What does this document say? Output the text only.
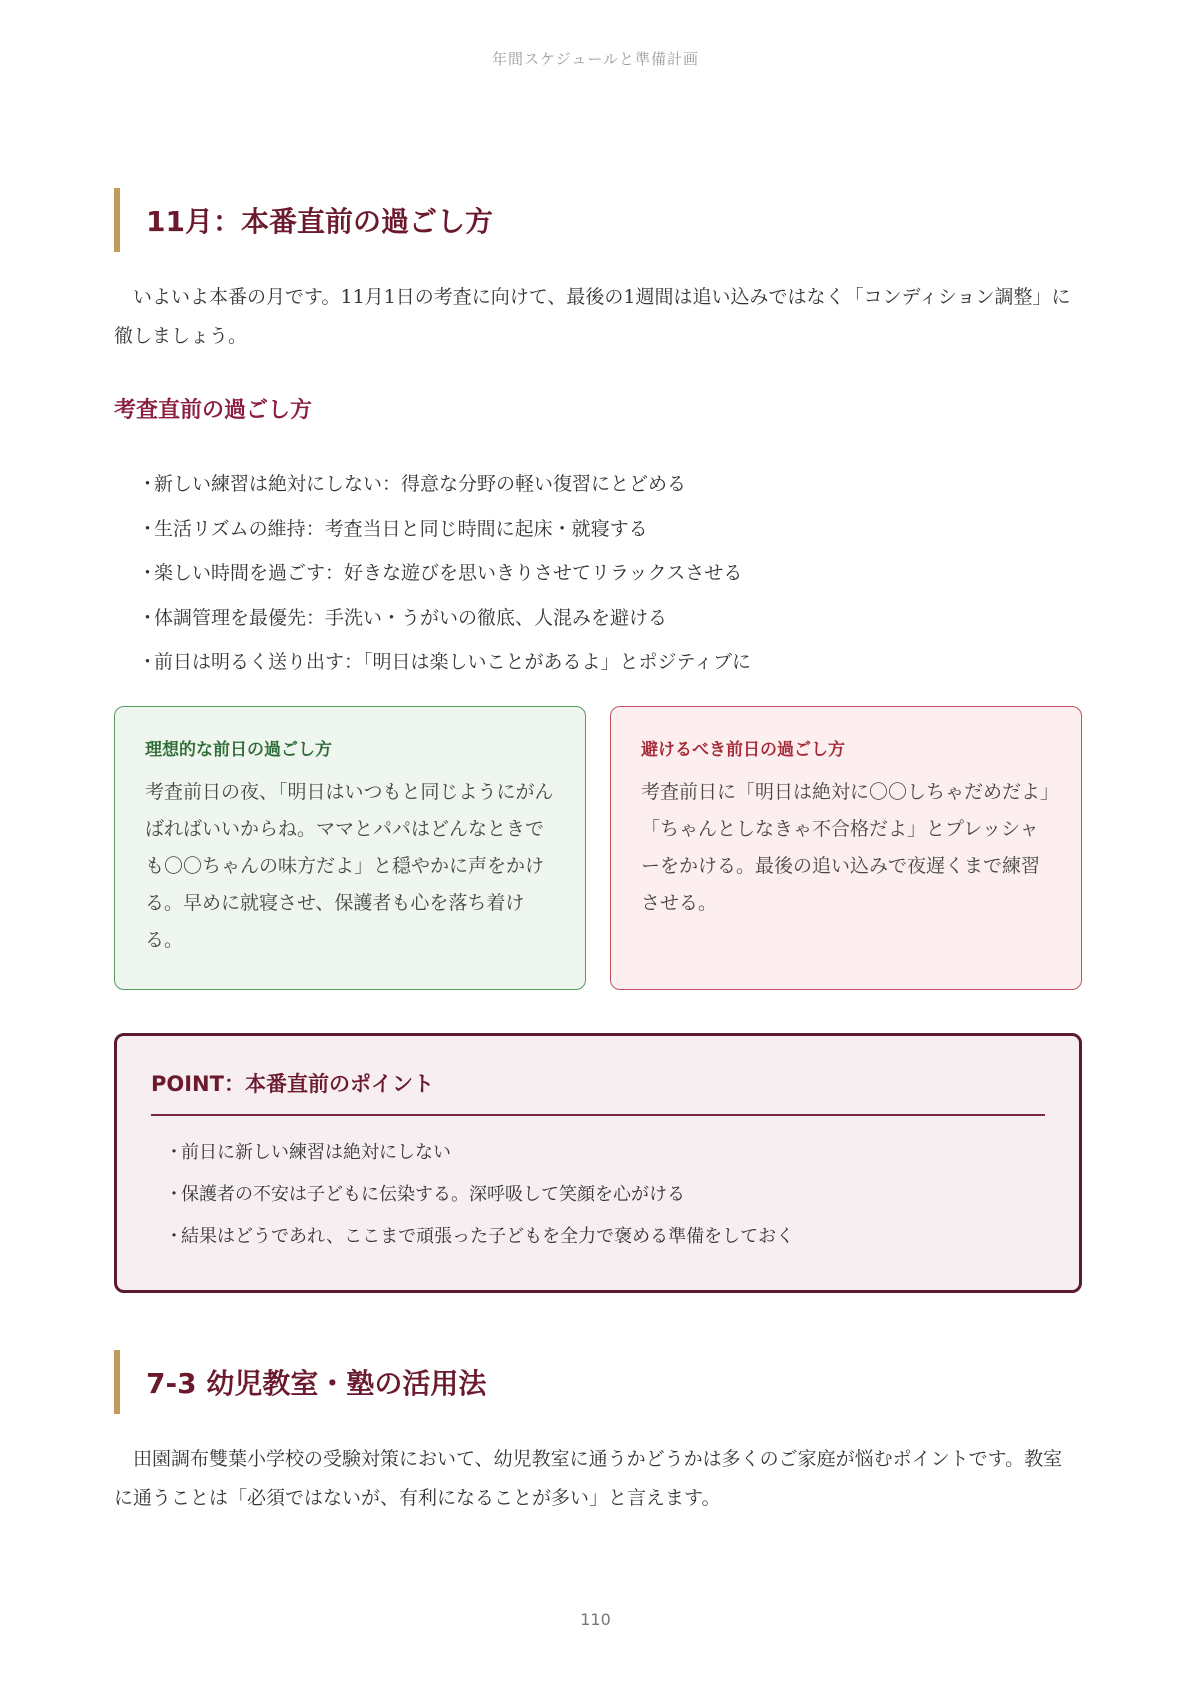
年間スケジュールと準備計画
11月：本番直前の過ごし方

いよいよ本番の月です。11月1日の考査に向けて、最後の1週間は追い込みではなく「コンディション調整」に徹しましょう。

考査直前の過ごし方
・新しい練習は絶対にしない：得意な分野の軽い復習にとどめる
・生活リズムの維持：考査当日と同じ時間に起床・就寝する
・楽しい時間を過ごす：好きな遊びを思いきりさせてリラックスさせる
・体調管理を最優先：手洗い・うがいの徹底、人混みを避ける
・前日は明るく送り出す：「明日は楽しいことがあるよ」とポジティブに
理想的な前日の過ごし方
考査前日の夜、「明日はいつもと同じようにがんばればいいからね。ママとパパはどんなときでも〇〇ちゃんの味方だよ」と穏やかに声をかける。早めに就寝させ、保護者も心を落ち着ける。
避けるべき前日の過ごし方
考査前日に「明日は絶対に〇〇しちゃだめだよ」「ちゃんとしなきゃ不合格だよ」とプレッシャーをかける。最後の追い込みで夜遅くまで練習させる。
POINT：本番直前のポイント
・前日に新しい練習は絶対にしない
・保護者の不安は子どもに伝染する。深呼吸して笑顔を心がける
・結果はどうであれ、ここまで頑張った子どもを全力で褒める準備をしておく
7-3 幼児教室・塾の活用法

田園調布雙葉小学校の受験対策において、幼児教室に通うかどうかは多くのご家庭が悩むポイントです。教室に通うことは「必須ではないが、有利になることが多い」と言えます。

110
